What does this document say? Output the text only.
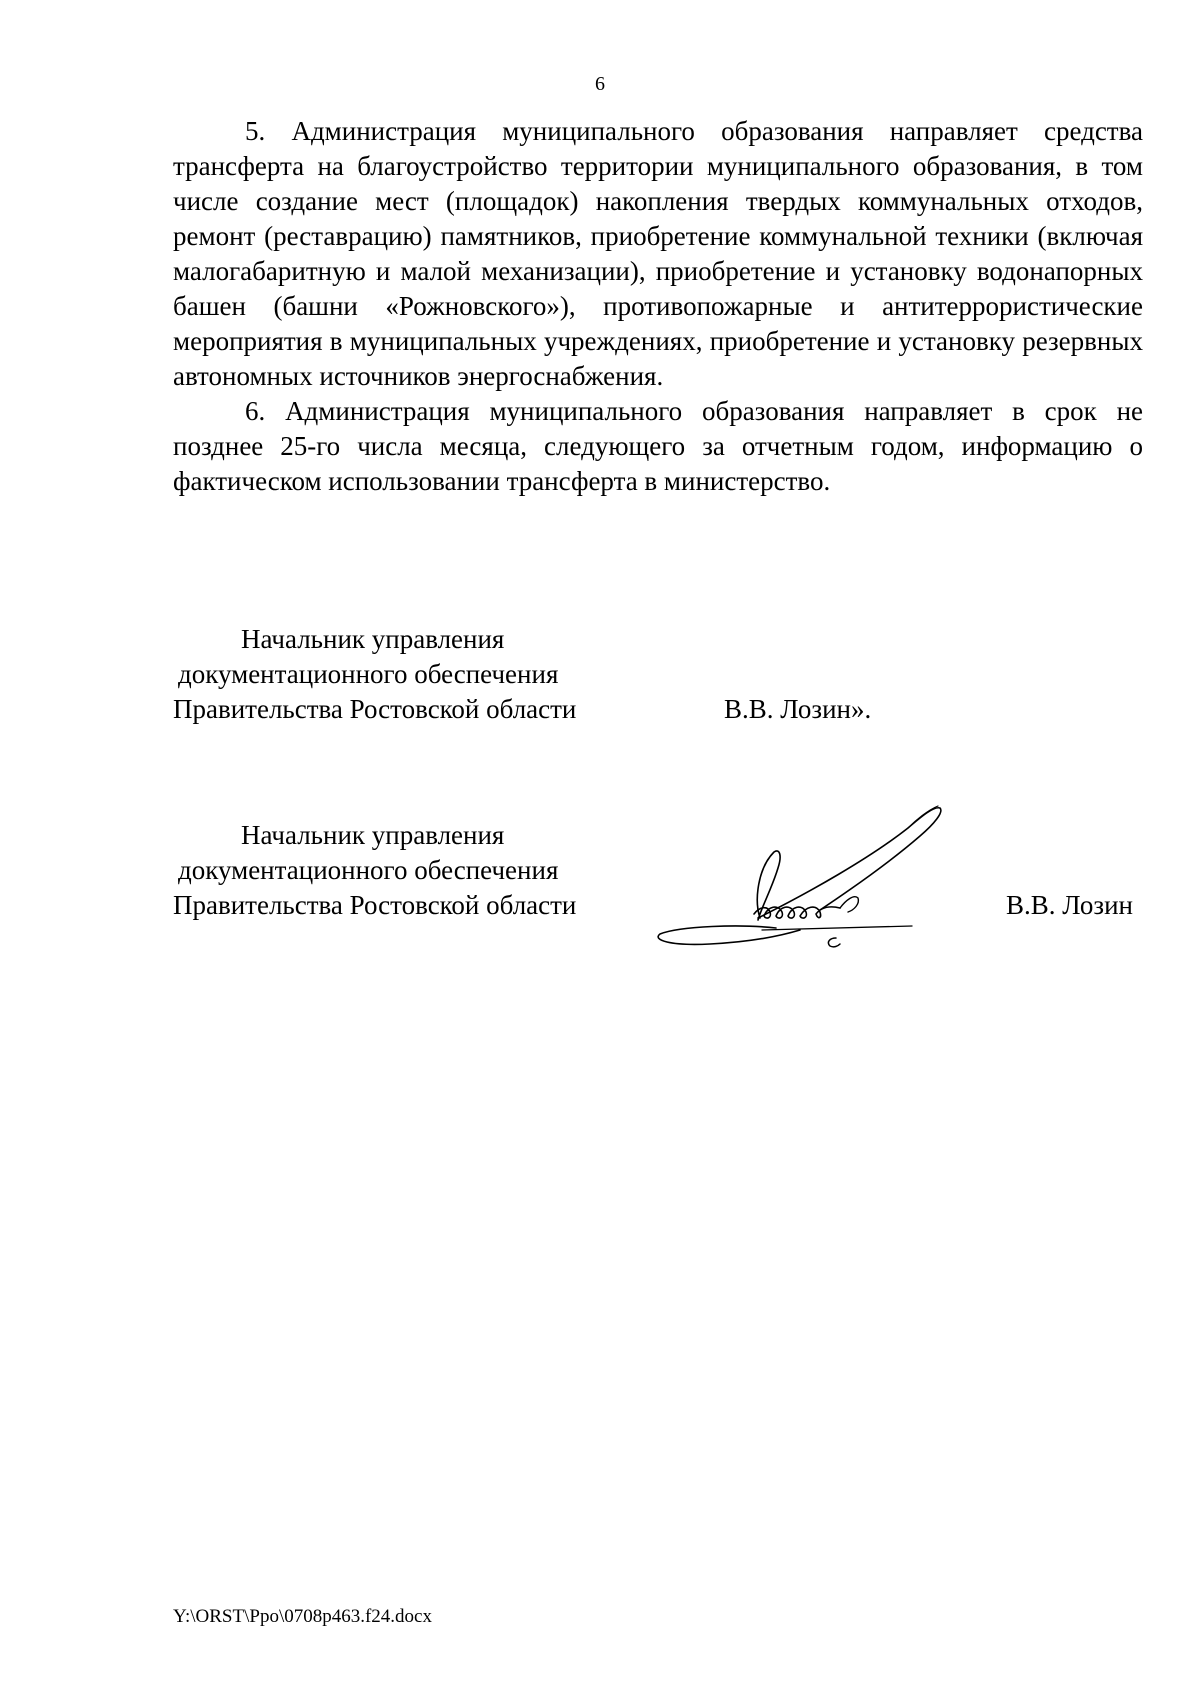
6

5. Администрация муниципального образования направляет средства трансферта на благоустройство территории муниципального образования, в том числе создание мест (площадок) накопления твердых коммунальных отходов, ремонт (реставрацию) памятников, приобретение коммунальной техники (включая малогабаритную и малой механизации), приобретение и установку водонапорных башен (башни «Рожновского»), противопожарные и антитеррористические мероприятия в муниципальных учреждениях, приобретение и установку резервных автономных источников энергоснабжения.

6. Администрация муниципального образования направляет в срок не позднее 25-го числа месяца, следующего за отчетным годом, информацию о фактическом использовании трансферта в министерство.

Начальник управления
документационного обеспечения
Правительства Ростовской области	В.В. Лозин».
Начальник управления
документационного обеспечения
Правительства Ростовской области	В.В. Лозин
Y:\ORST\Ppo\0708p463.f24.docx
